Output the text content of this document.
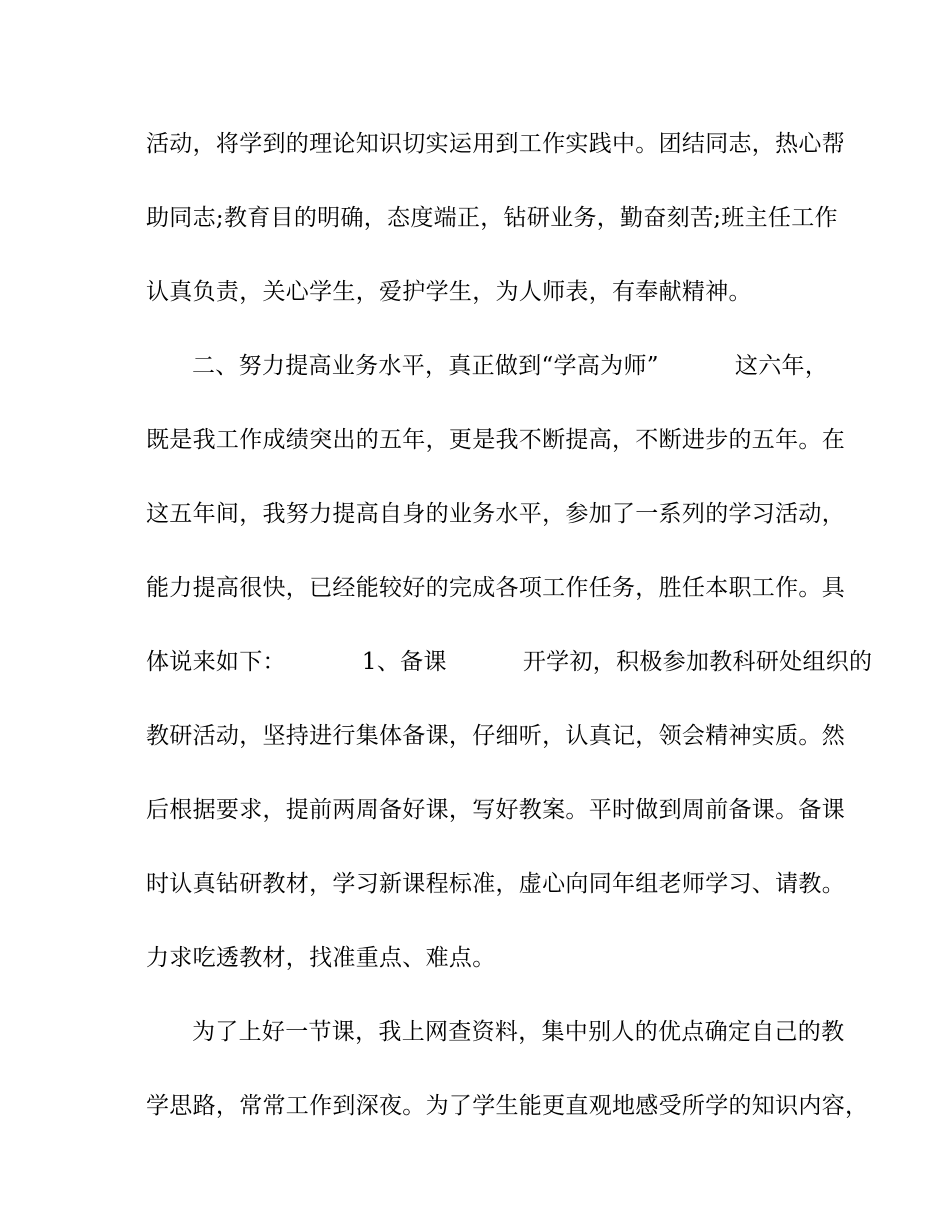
活动，将学到的理论知识切实运用到工作实践中。团结同志，热心帮
助同志;教育目的明确，态度端正，钻研业务，勤奋刻苦;班主任工作
认真负责，关心学生，爱护学生，为人师表，有奉献精神。
二、努力提高业务水平，真正做到“学高为师”          这六年，
既是我工作成绩突出的五年，更是我不断提高，不断进步的五年。在
这五年间，我努力提高自身的业务水平，参加了一系列的学习活动，
能力提高很快，已经能较好的完成各项工作任务，胜任本职工作。具
体说来如下：          1、备课          开学初，积极参加教科研处组织的
教研活动，坚持进行集体备课，仔细听，认真记，领会精神实质。然
后根据要求，提前两周备好课，写好教案。平时做到周前备课。备课
时认真钻研教材，学习新课程标准，虚心向同年组老师学习、请教。
力求吃透教材，找准重点、难点。
为了上好一节课，我上网查资料，集中别人的优点确定自己的教
学思路，常常工作到深夜。为了学生能更直观地感受所学的知识内容，
